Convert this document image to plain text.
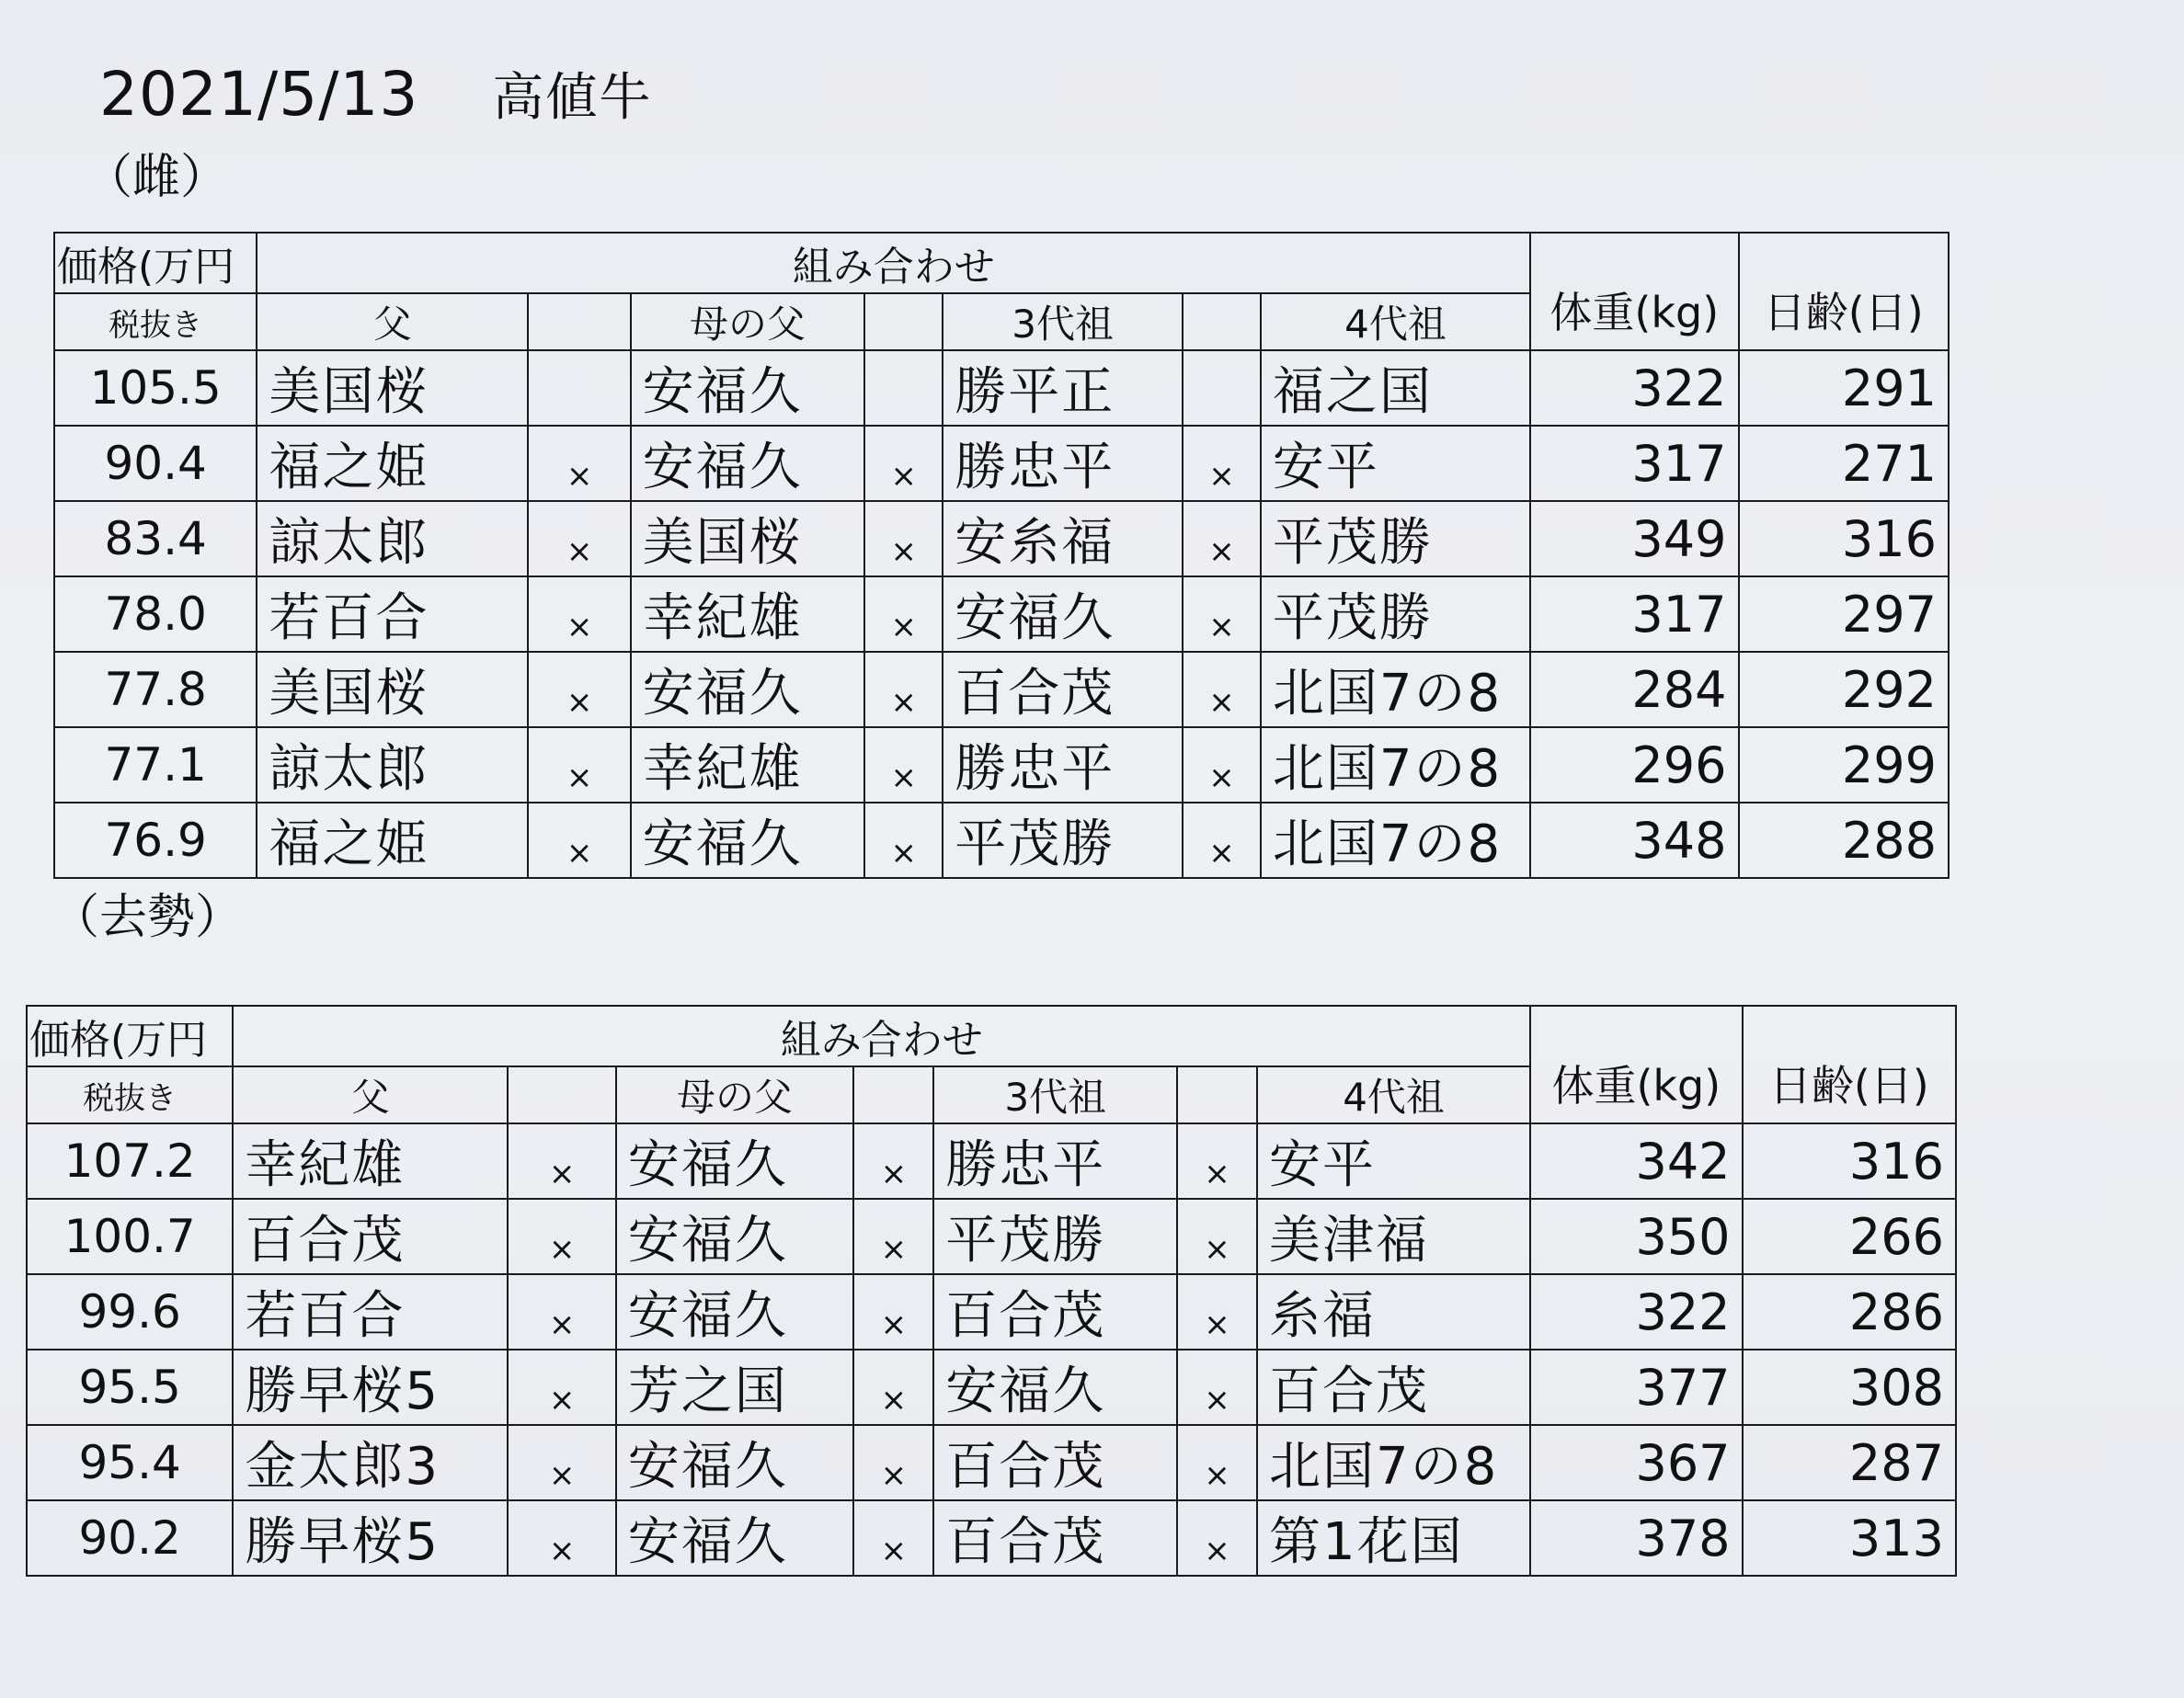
2021/5/13 高値牛
（雌）
価格(万円	組み合わせ							体重(kg)	日齢(日)
税抜き	父		母の父		3代祖		4代祖		
105.5	美国桜		安福久		勝平正		福之国	322	291
90.4	福之姫	×	安福久	×	勝忠平	×	安平	317	271
83.4	諒太郎	×	美国桜	×	安糸福	×	平茂勝	349	316
78.0	若百合	×	幸紀雄	×	安福久	×	平茂勝	317	297
77.8	美国桜	×	安福久	×	百合茂	×	北国7の8	284	292
77.1	諒太郎	×	幸紀雄	×	勝忠平	×	北国7の8	296	299
76.9	福之姫	×	安福久	×	平茂勝	×	北国7の8	348	288
（去勢）
価格(万円	組み合わせ							体重(kg)	日齢(日)
税抜き	父		母の父		3代祖		4代祖		
107.2	幸紀雄	×	安福久	×	勝忠平	×	安平	342	316
100.7	百合茂	×	安福久	×	平茂勝	×	美津福	350	266
99.6	若百合	×	安福久	×	百合茂	×	糸福	322	286
95.5	勝早桜5	×	芳之国	×	安福久	×	百合茂	377	308
95.4	金太郎3	×	安福久	×	百合茂	×	北国7の8	367	287
90.2	勝早桜5	×	安福久	×	百合茂	×	第1花国	378	313
